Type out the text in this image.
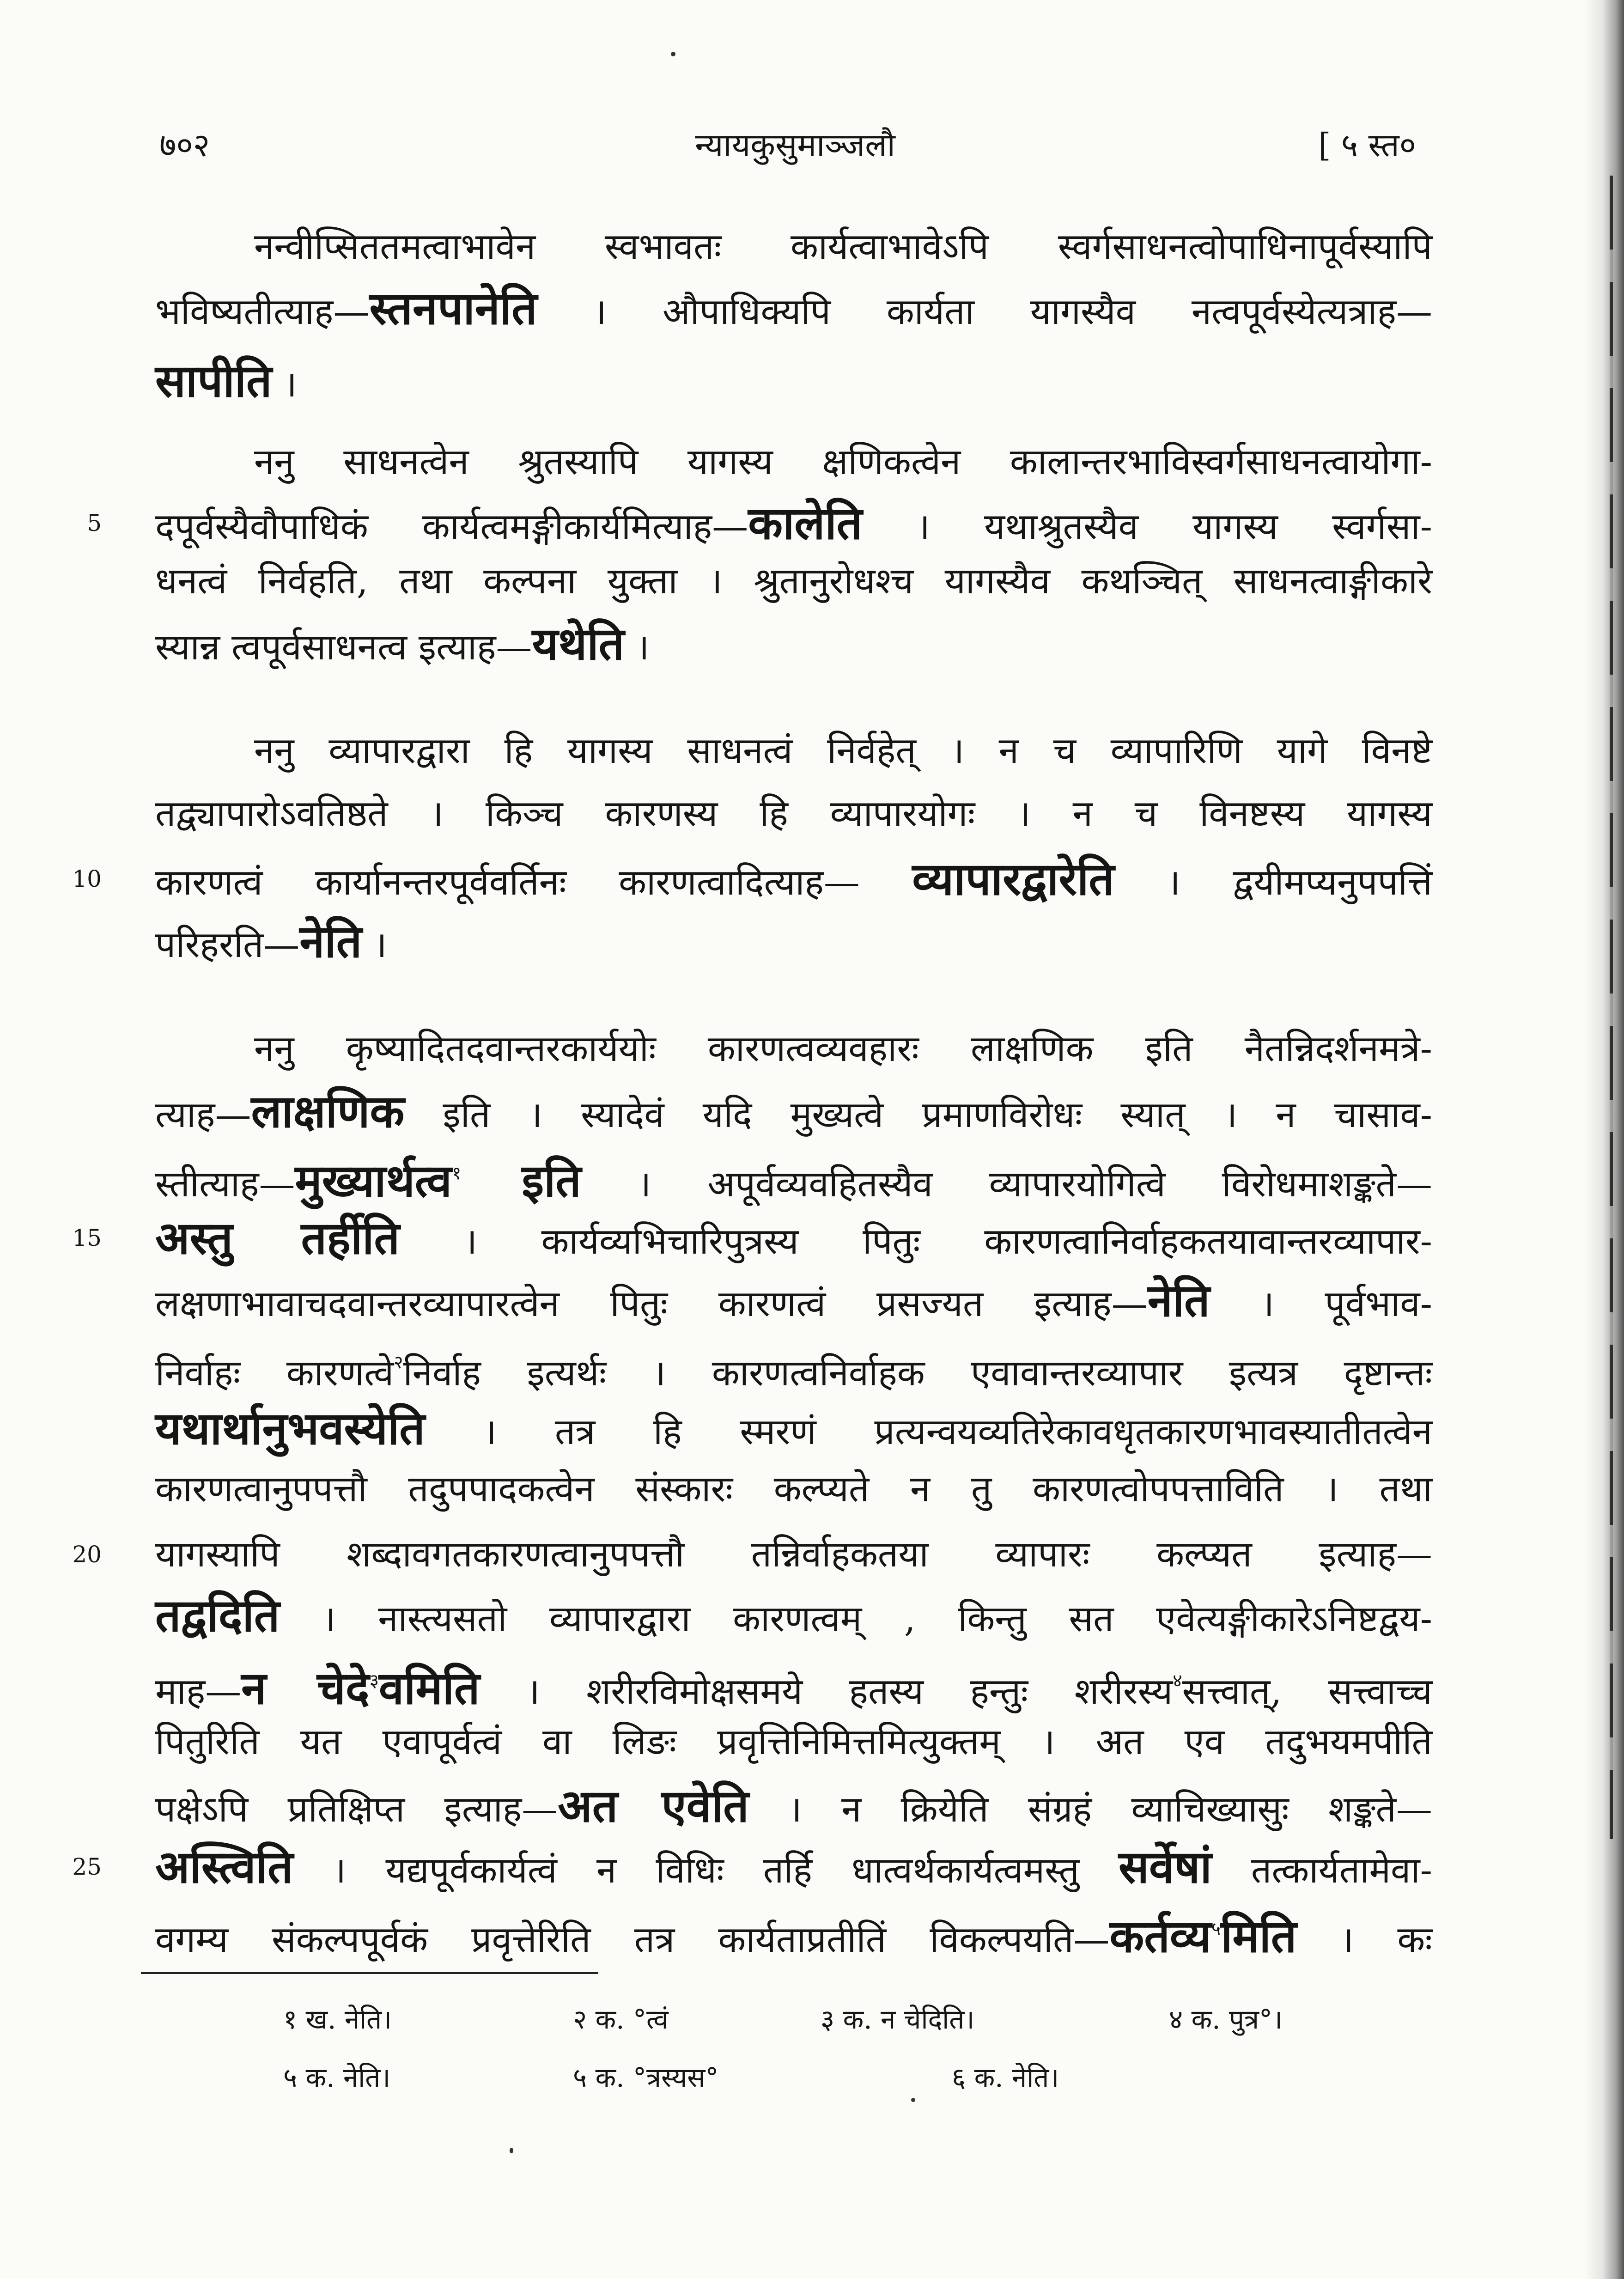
७०२	न्यायकुसुमाञ्जलौ	[ ५ स्त०
नन्वीप्सिततमत्वाभावेन स्वभावतः कार्यत्वाभावेऽपि स्वर्गसाधनत्वोपाधिनापूर्वस्यापि
भविष्यतीत्याह—स्तनपानेति । औपाधिक्यपि कार्यता यागस्यैव नत्वपूर्वस्येत्यत्राह—
सापीति ।
ननु साधनत्वेन श्रुतस्यापि यागस्य क्षणिकत्वेन कालान्तरभाविस्वर्गसाधनत्वायोगा-
दपूर्वस्यैवौपाधिकं कार्यत्वमङ्गीकार्यमित्याह—कालेति । यथाश्रुतस्यैव यागस्य स्वर्गसा-
5
धनत्वं निर्वहति, तथा कल्पना युक्ता । श्रुतानुरोधश्च यागस्यैव कथञ्चित् साधनत्वाङ्गीकारे
स्यान्न त्वपूर्वसाधनत्व इत्याह—यथेति ।
ननु व्यापारद्वारा हि यागस्य साधनत्वं निर्वहेत् । न च व्यापारिणि यागे विनष्टे
तद्व्यापारोऽवतिष्ठते । किञ्च कारणस्य हि व्यापारयोगः । न च विनष्टस्य यागस्य
कारणत्वं कार्यानन्तरपूर्ववर्तिनः कारणत्वादित्याह— व्यापारद्वारेति । द्वयीमप्यनुपपत्तिं
10
परिहरति—नेति ।
ननु कृष्यादितदवान्तरकार्ययोः कारणत्वव्यवहारः लाक्षणिक इति नैतन्निदर्शनमत्रे-
त्याह—लाक्षणिक इति । स्यादेवं यदि मुख्यत्वे प्रमाणविरोधः स्यात् । न चासाव-
स्तीत्याह—मुख्यार्थत्व$^१$ इति । अपूर्वव्यवहितस्यैव व्यापारयोगित्वे विरोधमाशङ्कते—
अस्तु तर्हीति । कार्यव्यभिचारिपुत्रस्य पितुः कारणत्वानिर्वाहकतयावान्तरव्यापार-
15
लक्षणाभावाचदवान्तरव्यापारत्वेन पितुः कारणत्वं प्रसज्यत इत्याह—नेति । पूर्वभाव-
निर्वाहः कारणत्वे$^२$निर्वाह इत्यर्थः । कारणत्वनिर्वाहक एवावान्तरव्यापार इत्यत्र दृष्टान्तः
यथार्थानुभवस्येति । तत्र हि स्मरणं प्रत्यन्वयव्यतिरेकावधृतकारणभावस्यातीतत्वेन
कारणत्वानुपपत्तौ तदुपपादकत्वेन संस्कारः कल्प्यते न तु कारणत्वोपपत्ताविति । तथा
यागस्यापि शब्दावगतकारणत्वानुपपत्तौ तन्निर्वाहकतया व्यापारः कल्प्यत इत्याह—
20
तद्वदिति । नास्त्यसतो व्यापारद्वारा कारणत्वम् , किन्तु सत एवेत्यङ्गीकारेऽनिष्टद्वय-
माह—न चेदे$^३$वमिति । शरीरविमोक्षसमये हतस्य हन्तुः शरीरस्य$^४$सत्त्वात्, सत्त्वाच्च
पितुरिति यत एवापूर्वत्वं वा लिङः प्रवृत्तिनिमित्तमित्युक्तम् । अत एव तदुभयमपीति
पक्षेऽपि प्रतिक्षिप्त इत्याह—अत एवेति । न क्रियेति संग्रहं व्याचिख्यासुः शङ्कते—
अस्त्विति । यद्यपूर्वकार्यत्वं न विधिः तर्हि धात्वर्थकार्यत्वमस्तु सर्वेषां तत्कार्यतामेवा-
25
वगम्य संकल्पपूर्वकं प्रवृत्तेरिति तत्र कार्यताप्रतीतिं विकल्पयति—कर्तव्य$^५$मिति । कः
१ ख. नेति।	२ क. °त्वं	३ क. न चेदिति।	४ क. पुत्र°।
५ क. नेति।	५ क. °त्रस्यस°	६ क. नेति।
